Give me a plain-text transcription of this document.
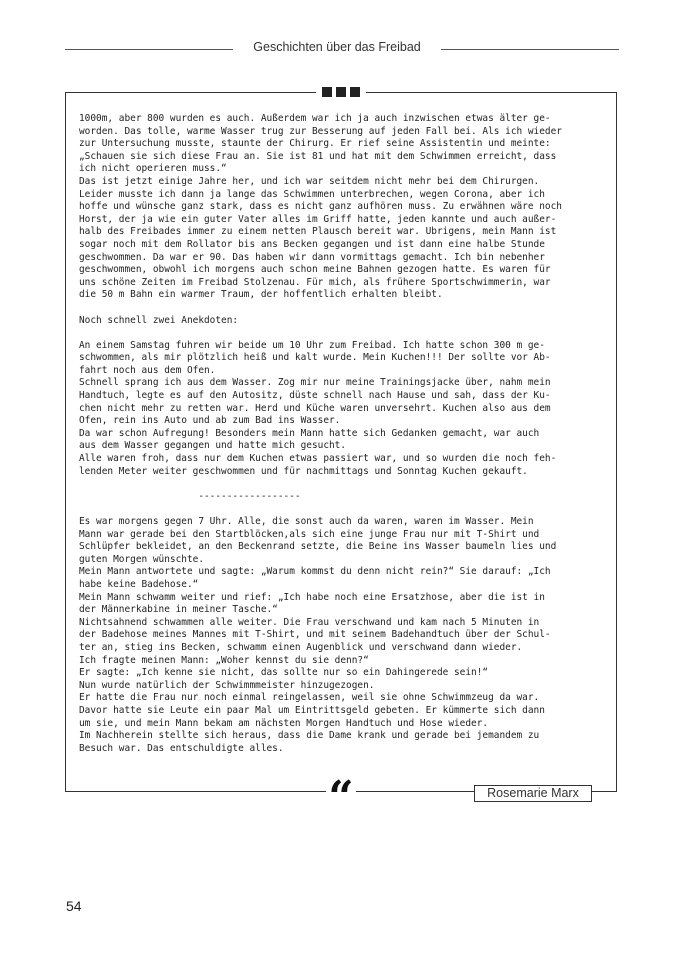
Geschichten über das Freibad
1000m, aber 800 wurden es auch. Außerdem war ich ja auch inzwischen etwas älter ge-
worden. Das tolle, warme Wasser trug zur Besserung auf jeden Fall bei. Als ich wieder
zur Untersuchung musste, staunte der Chirurg. Er rief seine Assistentin und meinte:
„Schauen sie sich diese Frau an. Sie ist 81 und hat mit dem Schwimmen erreicht, dass
ich nicht operieren muss.“
Das ist jetzt einige Jahre her, und ich war seitdem nicht mehr bei dem Chirurgen.
Leider musste ich dann ja lange das Schwimmen unterbrechen, wegen Corona, aber ich
hoffe und wünsche ganz stark, dass es nicht ganz aufhören muss. Zu erwähnen wäre noch
Horst, der ja wie ein guter Vater alles im Griff hatte, jeden kannte und auch außer-
halb des Freibades immer zu einem netten Plausch bereit war. Übrigens, mein Mann ist
sogar noch mit dem Rollator bis ans Becken gegangen und ist dann eine halbe Stunde
geschwommen. Da war er 90. Das haben wir dann vormittags gemacht. Ich bin nebenher
geschwommen, obwohl ich morgens auch schon meine Bahnen gezogen hatte. Es waren für
uns schöne Zeiten im Freibad Stolzenau. Für mich, als frühere Sportschwimmerin, war
die 50 m Bahn ein warmer Traum, der hoffentlich erhalten bleibt.
Noch schnell zwei Anekdoten:
An einem Samstag fuhren wir beide um 10 Uhr zum Freibad. Ich hatte schon 300 m ge-
schwommen, als mir plötzlich heiß und kalt wurde. Mein Kuchen!!! Der sollte vor Ab-
fahrt noch aus dem Ofen.
Schnell sprang ich aus dem Wasser. Zog mir nur meine Trainingsjacke über, nahm mein
Handtuch, legte es auf den Autositz, düste schnell nach Hause und sah, dass der Ku-
chen nicht mehr zu retten war. Herd und Küche waren unversehrt. Kuchen also aus dem
Ofen, rein ins Auto und ab zum Bad ins Wasser.
Da war schon Aufregung! Besonders mein Mann hatte sich Gedanken gemacht, war auch
aus dem Wasser gegangen und hatte mich gesucht.
Alle waren froh, dass nur dem Kuchen etwas passiert war, und so wurden die noch feh-
lenden Meter weiter geschwommen und für nachmittags und Sonntag Kuchen gekauft.
------------------
Es war morgens gegen 7 Uhr. Alle, die sonst auch da waren, waren im Wasser. Mein
Mann war gerade bei den Startblöcken,als sich eine junge Frau nur mit T-Shirt und
Schlüpfer bekleidet, an den Beckenrand setzte, die Beine ins Wasser baumeln lies und
guten Morgen wünschte.
Mein Mann antwortete und sagte: „Warum kommst du denn nicht rein?“ Sie darauf: „Ich
habe keine Badehose.“
Mein Mann schwamm weiter und rief: „Ich habe noch eine Ersatzhose, aber die ist in
der Männerkabine in meiner Tasche.“
Nichtsahnend schwammen alle weiter. Die Frau verschwand und kam nach 5 Minuten in
der Badehose meines Mannes mit T-Shirt, und mit seinem Badehandtuch über der Schul-
ter an, stieg ins Becken, schwamm einen Augenblick und verschwand dann wieder.
Ich fragte meinen Mann: „Woher kennst du sie denn?“
Er sagte: „Ich kenne sie nicht, das sollte nur so ein Dahingerede sein!“
Nun wurde natürlich der Schwimmmeister hinzugezogen.
Er hatte die Frau nur noch einmal reingelassen, weil sie ohne Schwimmzeug da war.
Davor hatte sie Leute ein paar Mal um Eintrittsgeld gebeten. Er kümmerte sich dann
um sie, und mein Mann bekam am nächsten Morgen Handtuch und Hose wieder.
Im Nachherein stellte sich heraus, dass die Dame krank und gerade bei jemandem zu
Besuch war. Das entschuldigte alles.
“	Rosemarie Marx
54
